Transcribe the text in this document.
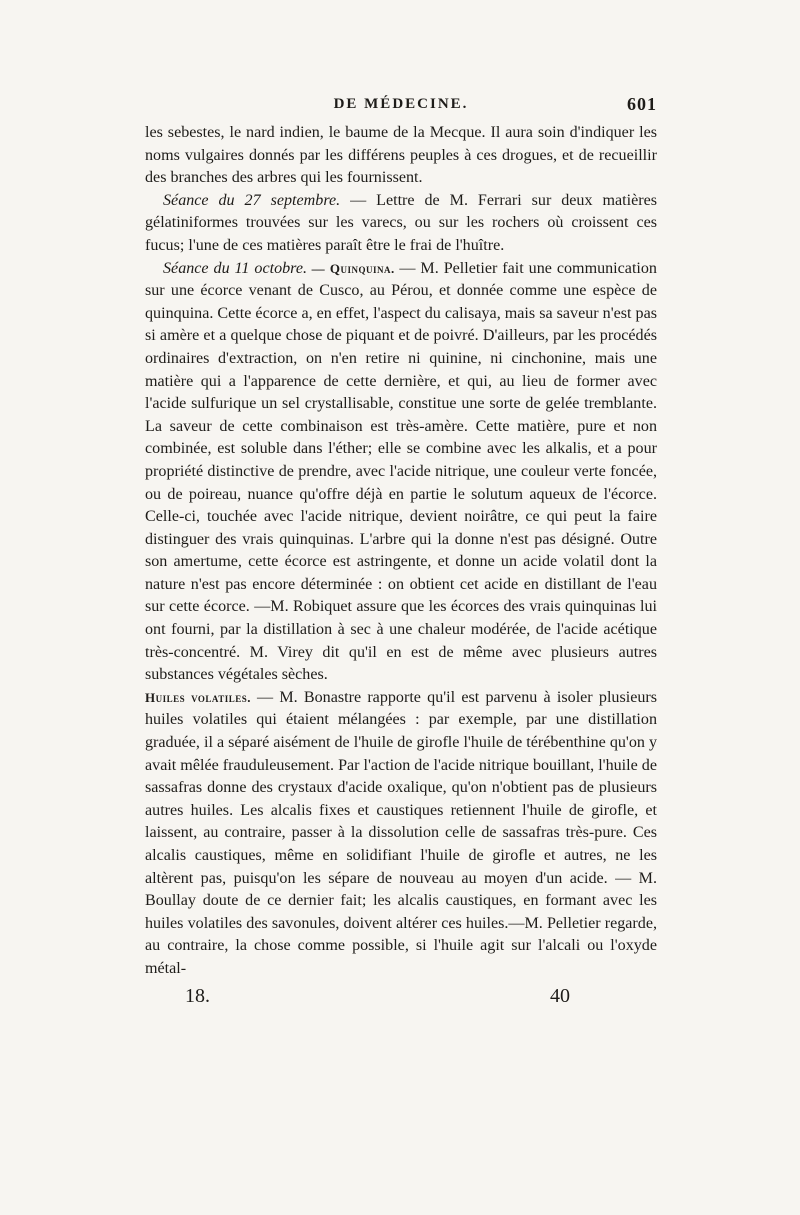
DE MÉDECINE.	601

les sebestes, le nard indien, le baume de la Mecque. Il aura soin d'indiquer les noms vulgaires donnés par les différens peuples à ces drogues, et de recueillir des branches des arbres qui les fournissent.

Séance du 27 septembre. — Lettre de M. Ferrari sur deux matières gélatiniformes trouvées sur les varecs, ou sur les rochers où croissent ces fucus; l'une de ces matières paraît être le frai de l'huître.

Séance du 11 octobre. — Quinquina. — M. Pelletier fait une communication sur une écorce venant de Cusco, au Pérou, et donnée comme une espèce de quinquina. Cette écorce a, en effet, l'aspect du calisaya, mais sa saveur n'est pas si amère et a quelque chose de piquant et de poivré. D'ailleurs, par les procédés ordinaires d'extraction, on n'en retire ni quinine, ni cinchonine, mais une matière qui a l'apparence de cette dernière, et qui, au lieu de former avec l'acide sulfurique un sel crystallisable, constitue une sorte de gelée tremblante. La saveur de cette combinaison est très-amère. Cette matière, pure et non combinée, est soluble dans l'éther; elle se combine avec les alkalis, et a pour propriété distinctive de prendre, avec l'acide nitrique, une couleur verte foncée, ou de poireau, nuance qu'offre déjà en partie le solutum aqueux de l'écorce. Celle-ci, touchée avec l'acide nitrique, devient noirâtre, ce qui peut la faire distinguer des vrais quinquinas. L'arbre qui la donne n'est pas désigné. Outre son amertume, cette écorce est astringente, et donne un acide volatil dont la nature n'est pas encore déterminée : on obtient cet acide en distillant de l'eau sur cette écorce. —M. Robiquet assure que les écorces des vrais quinquinas lui ont fourni, par la distillation à sec à une chaleur modérée, de l'acide acétique très-concentré. M. Virey dit qu'il en est de même avec plusieurs autres substances végétales sèches.

Huiles volatiles. — M. Bonastre rapporte qu'il est parvenu à isoler plusieurs huiles volatiles qui étaient mélangées : par exemple, par une distillation graduée, il a séparé aisément de l'huile de girofle l'huile de térébenthine qu'on y avait mêlée frauduleusement. Par l'action de l'acide nitrique bouillant, l'huile de sassafras donne des crystaux d'acide oxalique, qu'on n'obtient pas de plusieurs autres huiles. Les alcalis fixes et caustiques retiennent l'huile de girofle, et laissent, au contraire, passer à la dissolution celle de sassafras très-pure. Ces alcalis caustiques, même en solidifiant l'huile de girofle et autres, ne les altèrent pas, puisqu'on les sépare de nouveau au moyen d'un acide. — M. Boullay doute de ce dernier fait; les alcalis caustiques, en formant avec les huiles volatiles des savonules, doivent altérer ces huiles.—M. Pelletier regarde, au contraire, la chose comme possible, si l'huile agit sur l'alcali ou l'oxyde métal-

18.	40
